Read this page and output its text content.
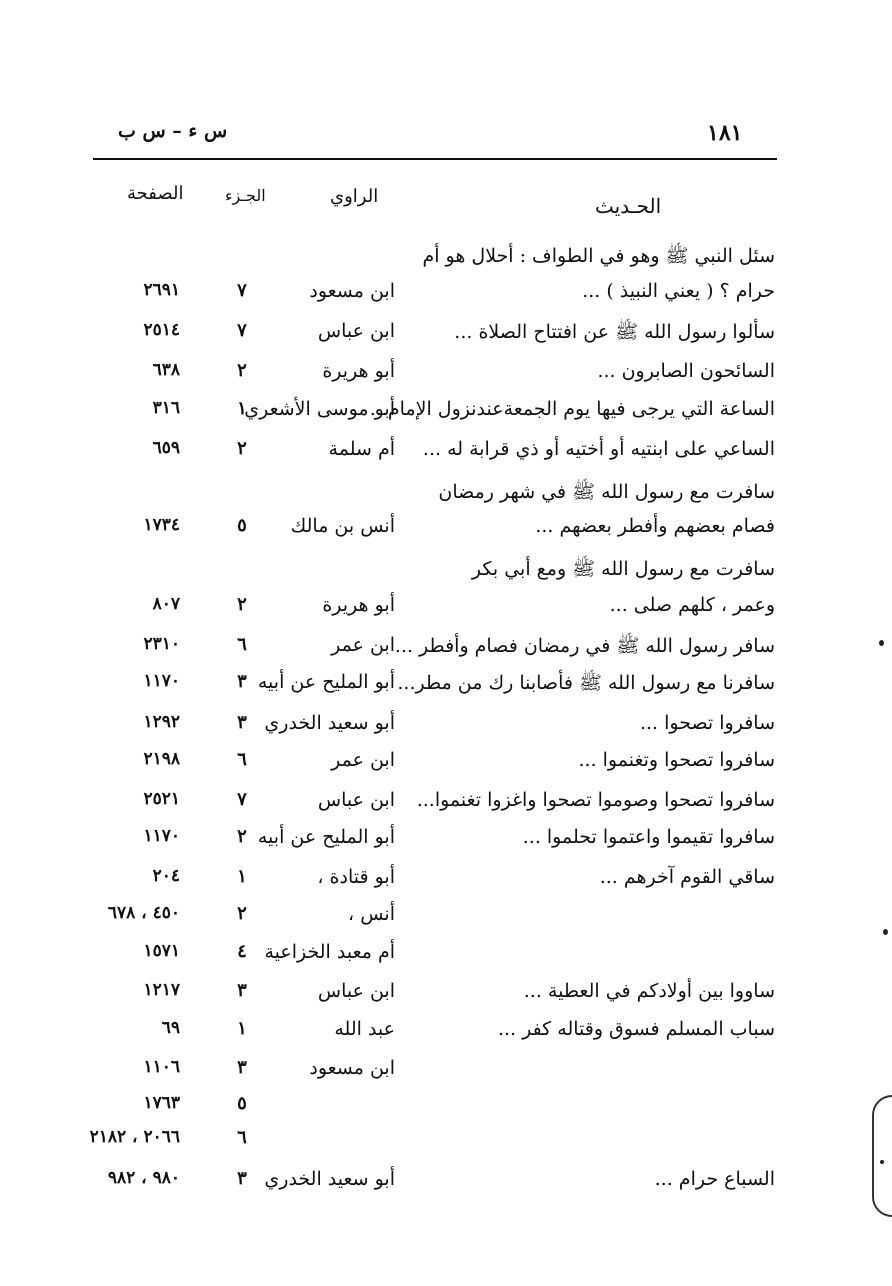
١٨١
س ء – س ب
الحـديث
الراوي
الجـزء
الصفحة
سئل النبي ﷺ وهو في الطواف : أحلال هو أم
حرام ؟ ( يعني النبيذ ) ...
ابن مسعود
٧
٢٦٩١
سألوا رسول الله ﷺ عن افتتاح الصلاة ...
ابن عباس
٧
٢٥١٤
السائحون الصابرون ...
أبو هريرة
٢
٦٣٨
الساعة التي يرجى فيها يوم الجمعةعندنزول الإمام...
أبو موسى الأشعري
١
٣١٦
الساعي على ابنتيه أو أختيه أو ذي قرابة له ...
أم سلمة
٢
٦٥٩
سافرت مع رسول الله ﷺ في شهر رمضان
فصام بعضهم وأفطر بعضهم ...
أنس بن مالك
٥
١٧٣٤
سافرت مع رسول الله ﷺ ومع أبي بكر
وعمر ، كلهم صلى ...
أبو هريرة
٢
٨٠٧
سافر رسول الله ﷺ في رمضان فصام وأفطر ...
ابن عمر
٦
٢٣١٠
سافرنا مع رسول الله ﷺ فأصابنا رك من مطر...
أبو المليح عن أبيه
٣
١١٧٠
سافروا تصحوا ...
أبو سعيد الخدري
٣
١٢٩٢
سافروا تصحوا وتغنموا ...
ابن عمر
٦
٢١٩٨
سافروا تصحوا وصوموا تصحوا واغزوا تغنموا...
ابن عباس
٧
٢٥٢١
سافروا تقيموا واعتموا تحلموا ...
أبو المليح عن أبيه
٢
١١٧٠
ساقي القوم آخرهم ...
أبو قتادة ،
١
٢٠٤
أنس ،
٢
٤٥٠ ، ٦٧٨
أم معبد الخزاعية
٤
١٥٧١
ساووا بين أولادكم في العطية ...
ابن عباس
٣
١٢١٧
سباب المسلم فسوق وقتاله كفر ...
عبد الله
١
٦٩
ابن مسعود
٣
١١٠٦
٥
١٧٦٣
٦
٢٠٦٦ ، ٢١٨٢
السباع حرام ...
أبو سعيد الخدري
٣
٩٨٠ ، ٩٨٢
